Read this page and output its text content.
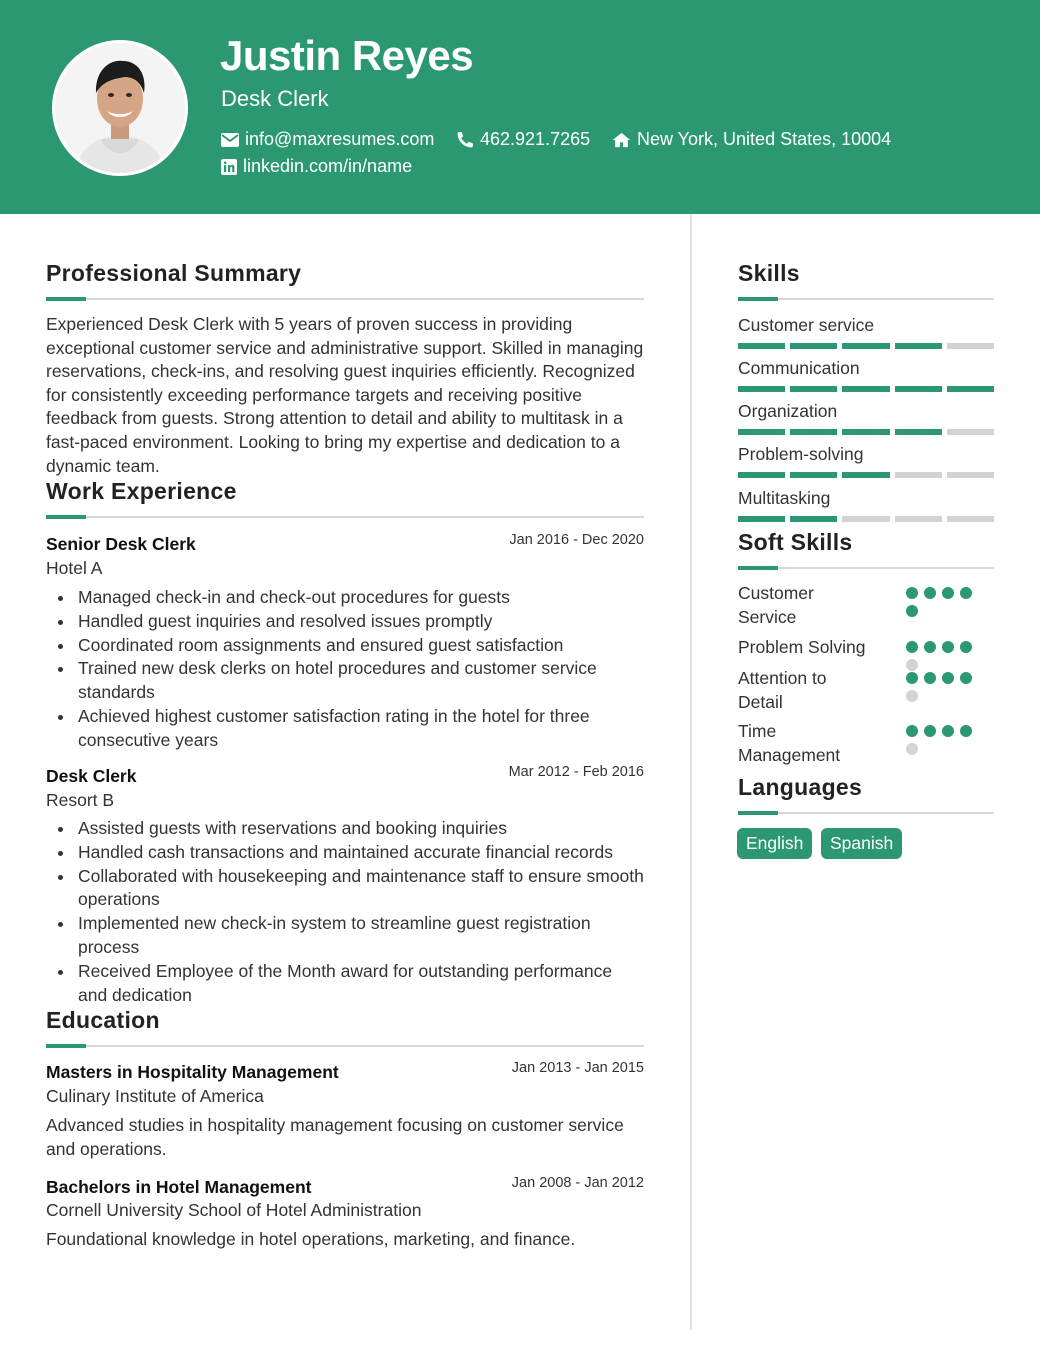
Justin Reyes
Desk Clerk
info@maxresumes.com	462.921.7265	New York, United States, 10004
linkedin.com/in/name
Professional Summary
Experienced Desk Clerk with 5 years of proven success in providing exceptional customer service and administrative support. Skilled in managing reservations, check-ins, and resolving guest inquiries efficiently. Recognized for consistently exceeding performance targets and receiving positive feedback from guests. Strong attention to detail and ability to multitask in a fast-paced environment. Looking to bring my expertise and dedication to a dynamic team.
Work Experience
Senior Desk Clerk	Jan 2016 - Dec 2020
Hotel A
Managed check-in and check-out procedures for guests
Handled guest inquiries and resolved issues promptly
Coordinated room assignments and ensured guest satisfaction
Trained new desk clerks on hotel procedures and customer service standards
Achieved highest customer satisfaction rating in the hotel for three consecutive years
Desk Clerk	Mar 2012 - Feb 2016
Resort B
Assisted guests with reservations and booking inquiries
Handled cash transactions and maintained accurate financial records
Collaborated with housekeeping and maintenance staff to ensure smooth operations
Implemented new check-in system to streamline guest registration process
Received Employee of the Month award for outstanding performance and dedication
Education
Masters in Hospitality Management	Jan 2013 - Jan 2015
Culinary Institute of America
Advanced studies in hospitality management focusing on customer service and operations.
Bachelors in Hotel Management	Jan 2008 - Jan 2012
Cornell University School of Hotel Administration
Foundational knowledge in hotel operations, marketing, and finance.
Skills
Customer service
Communication
Organization
Problem-solving
Multitasking
Soft Skills
Customer Service
Problem Solving
Attention to Detail
Time Management
Languages
English	Spanish
